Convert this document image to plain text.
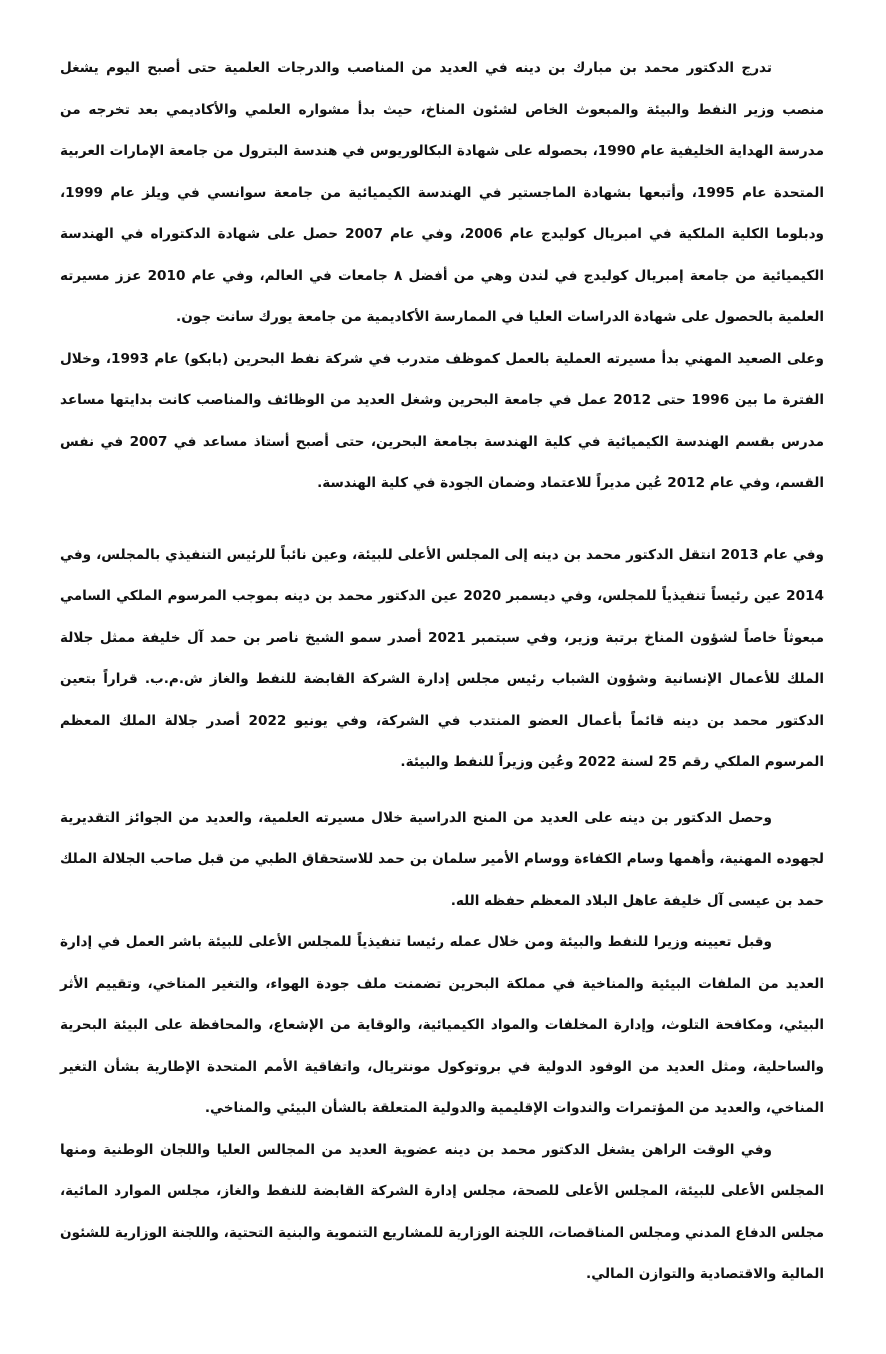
تدرج الدكتور محمد بن مبارك بن دينه في العديد من المناصب والدرجات العلمية حتى أصبح اليوم يشغل منصب وزير النفط والبيئة والمبعوث الخاص لشئون المناخ، حيث بدأ مشواره العلمي والأكاديمي بعد تخرجه من مدرسة الهداية الخليفية عام 1990، بحصوله على شهادة البكالوريوس في هندسة البترول من جامعة الإمارات العربية المتحدة عام 1995، وأتبعها بشهادة الماجستير في الهندسة الكيميائية من جامعة سوانسي في ويلز عام 1999، ودبلوما الكلية الملكية في امبريال كوليدج عام 2006، وفي عام 2007 حصل على شهادة الدكتوراه في الهندسة الكيميائية من جامعة إمبريال كوليدج في لندن وهي من أفضل ٨ جامعات في العالم، وفي عام 2010 عزز مسيرته العلمية بالحصول على شهادة الدراسات العليا في الممارسة الأكاديمية من جامعة يورك سانت جون.

وعلى الصعيد المهني بدأ مسيرته العملية بالعمل كموظف متدرب في شركة نفط البحرين (بابكو) عام 1993، وخلال الفترة ما بين 1996 حتى 2012 عمل في جامعة البحرين وشغل العديد من الوظائف والمناصب كانت بدايتها مساعد مدرس بقسم الهندسة الكيميائية في كلية الهندسة بجامعة البحرين، حتى أصبح أستاذ مساعد في 2007 في نفس القسم، وفي عام 2012 عُين مديراً للاعتماد وضمان الجودة في كلية الهندسة.

وفي عام 2013 انتقل الدكتور محمد بن دينه إلى المجلس الأعلى للبيئة، وعين نائباً للرئيس التنفيذي بالمجلس، وفي 2014 عين رئيساً تنفيذياً للمجلس، وفي ديسمبر 2020 عين الدكتور محمد بن دينه بموجب المرسوم الملكي السامي مبعوثاً خاصاً لشؤون المناخ برتبة وزير، وفي سبتمبر 2021 أصدر سمو الشيخ ناصر بن حمد آل خليفة ممثل جلالة الملك للأعمال الإنسانية وشؤون الشباب رئيس مجلس إدارة الشركة القابضة للنفط والغاز ش.م.ب. قراراً بتعين الدكتور محمد بن دينه قائماً بأعمال العضو المنتدب في الشركة، وفي يونيو 2022 أصدر جلالة الملك المعظم المرسوم الملكي رقم 25 لسنة 2022 وعُين وزيراً للنفط والبيئة.

وحصل الدكتور بن دينه على العديد من المنح الدراسية خلال مسيرته العلمية، والعديد من الجوائز التقديرية لجهوده المهنية، وأهمها وسام الكفاءة ووسام الأمير سلمان بن حمد للاستحقاق الطبي من قبل صاحب الجلالة الملك حمد بن عيسى آل خليفة عاهل البلاد المعظم حفظه الله.

وقبل تعيينه وزيرا للنفط والبيئة ومن خلال عمله رئيسا تنفيذياً للمجلس الأعلى للبيئة باشر العمل في إدارة العديد من الملفات البيئية والمناخية في مملكة البحرين تضمنت ملف جودة الهواء، والتغير المناخي، وتقييم الأثر البيئي، ومكافحة التلوث، وإدارة المخلفات والمواد الكيميائية، والوقاية من الإشعاع، والمحافظة على البيئة البحرية والساحلية، ومثل العديد من الوفود الدولية في بروتوكول مونتريال، واتفاقية الأمم المتحدة الإطارية بشأن التغير المناخي، والعديد من المؤتمرات والندوات الإقليمية والدولية المتعلقة بالشأن البيئي والمناخي.

وفي الوقت الراهن يشغل الدكتور محمد بن دينه عضوية العديد من المجالس العليا واللجان الوطنية ومنها المجلس الأعلى للبيئة، المجلس الأعلى للصحة، مجلس إدارة الشركة القابضة للنفط والغاز، مجلس الموارد المائية، مجلس الدفاع المدني ومجلس المناقصات، اللجنة الوزارية للمشاريع التنموية والبنية التحتية، واللجنة الوزارية للشئون المالية والاقتصادية والتوازن المالي.
